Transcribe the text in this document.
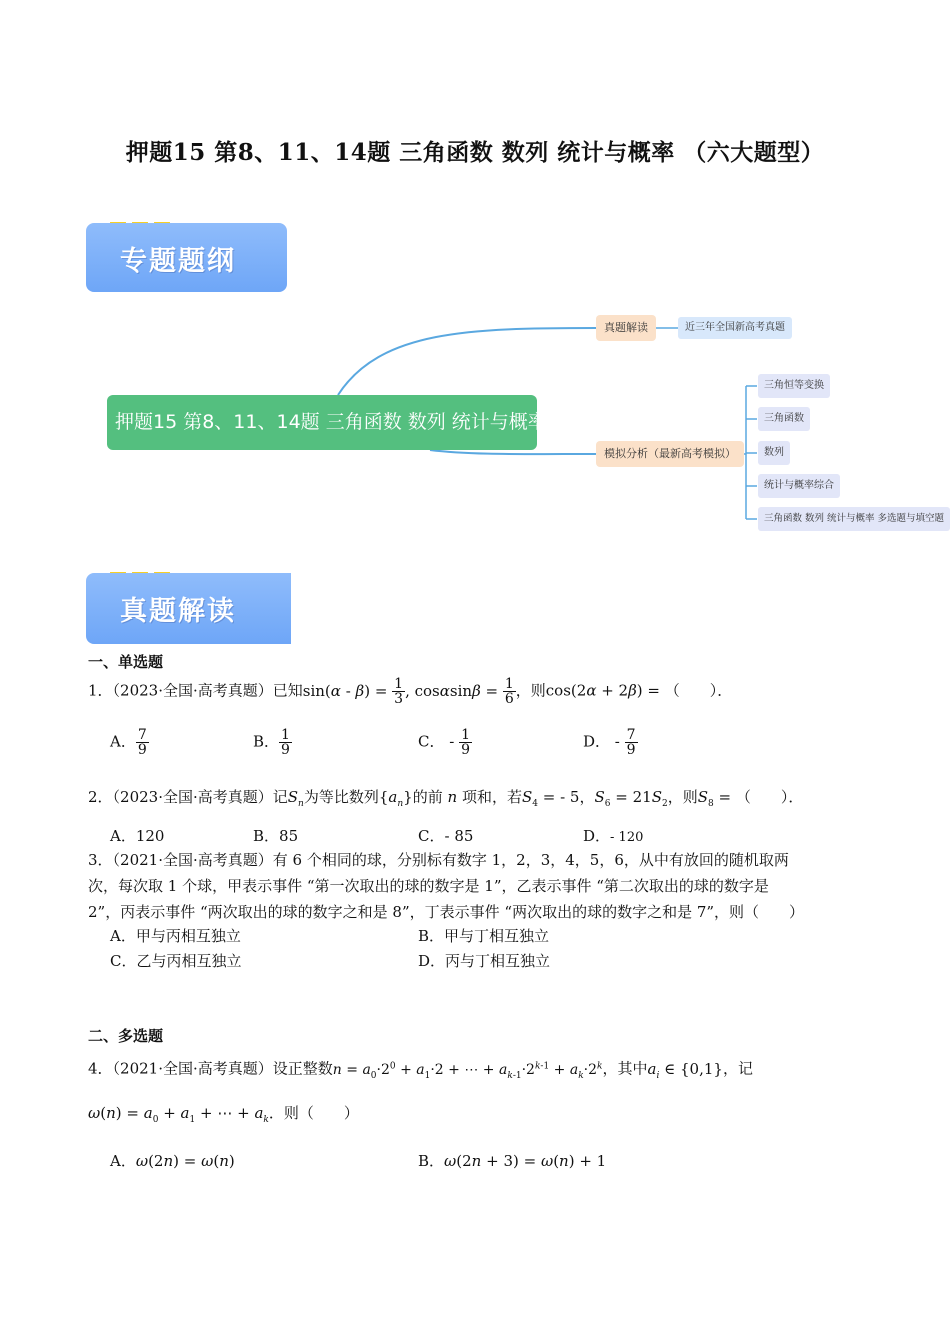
押题15 第8、11、14题 三角函数 数列 统计与概率 （六大题型）
专题题纲
押题15 第8、11、14题 三角函数 数列 统计与概率
真题解读	近三年全国新高考真题
模拟分析（最新高考模拟）
三角恒等变换
三角函数
数列
统计与概率综合
三角函数 数列 统计与概率 多选题与填空题
真题解读
一、单选题
1．（2023·全国·高考真题）已知$\sin(\alpha - \beta) = \frac{1}{3}$ , $\cos\alpha\sin\beta = \frac{1}{6}$ ，则cos(2α + 2β) = （　　）．
A． $\frac{7}{9}$	B． $\frac{1}{9}$	C． - $\frac{1}{9}$	D． - $\frac{7}{9}$
2．（2023·全国·高考真题）记$S_n$为等比数列$\{a_n\}$的前 n 项和，若$S_4$ = - 5，$S_6 = 21S_2$，则$S_8$ = （　　）．
A．120	B．85	C．- 85	D．- 120
3．（2021·全国·高考真题）有 6 个相同的球，分别标有数字 1，2，3，4，5，6，从中有放回的随机取两
次，每次取 1 个球，甲表示事件 “第一次取出的球的数字是 1”，乙表示事件 “第二次取出的球的数字是
2”，丙表示事件 “两次取出的球的数字之和是 8”，丁表示事件 “两次取出的球的数字之和是 7”，则（　　）
A．甲与丙相互独立	B．甲与丁相互独立
C．乙与丙相互独立	D．丙与丁相互独立
二、多选题
4．（2021·全国·高考真题）设正整数$n = a_0\cdot 2^0 + a_1\cdot 2$ + ⋯ + $a_{k-1}\cdot 2^{k-1} + a_k\cdot 2^k$，其中$a_i$ ∈ {0,1}，记
$\omega(n) = a_0 + a_1$ + ⋯ + $a_k$．则（　　）
A．ω(2n) = ω(n)	B．ω(2n + 3) = ω(n) + 1
